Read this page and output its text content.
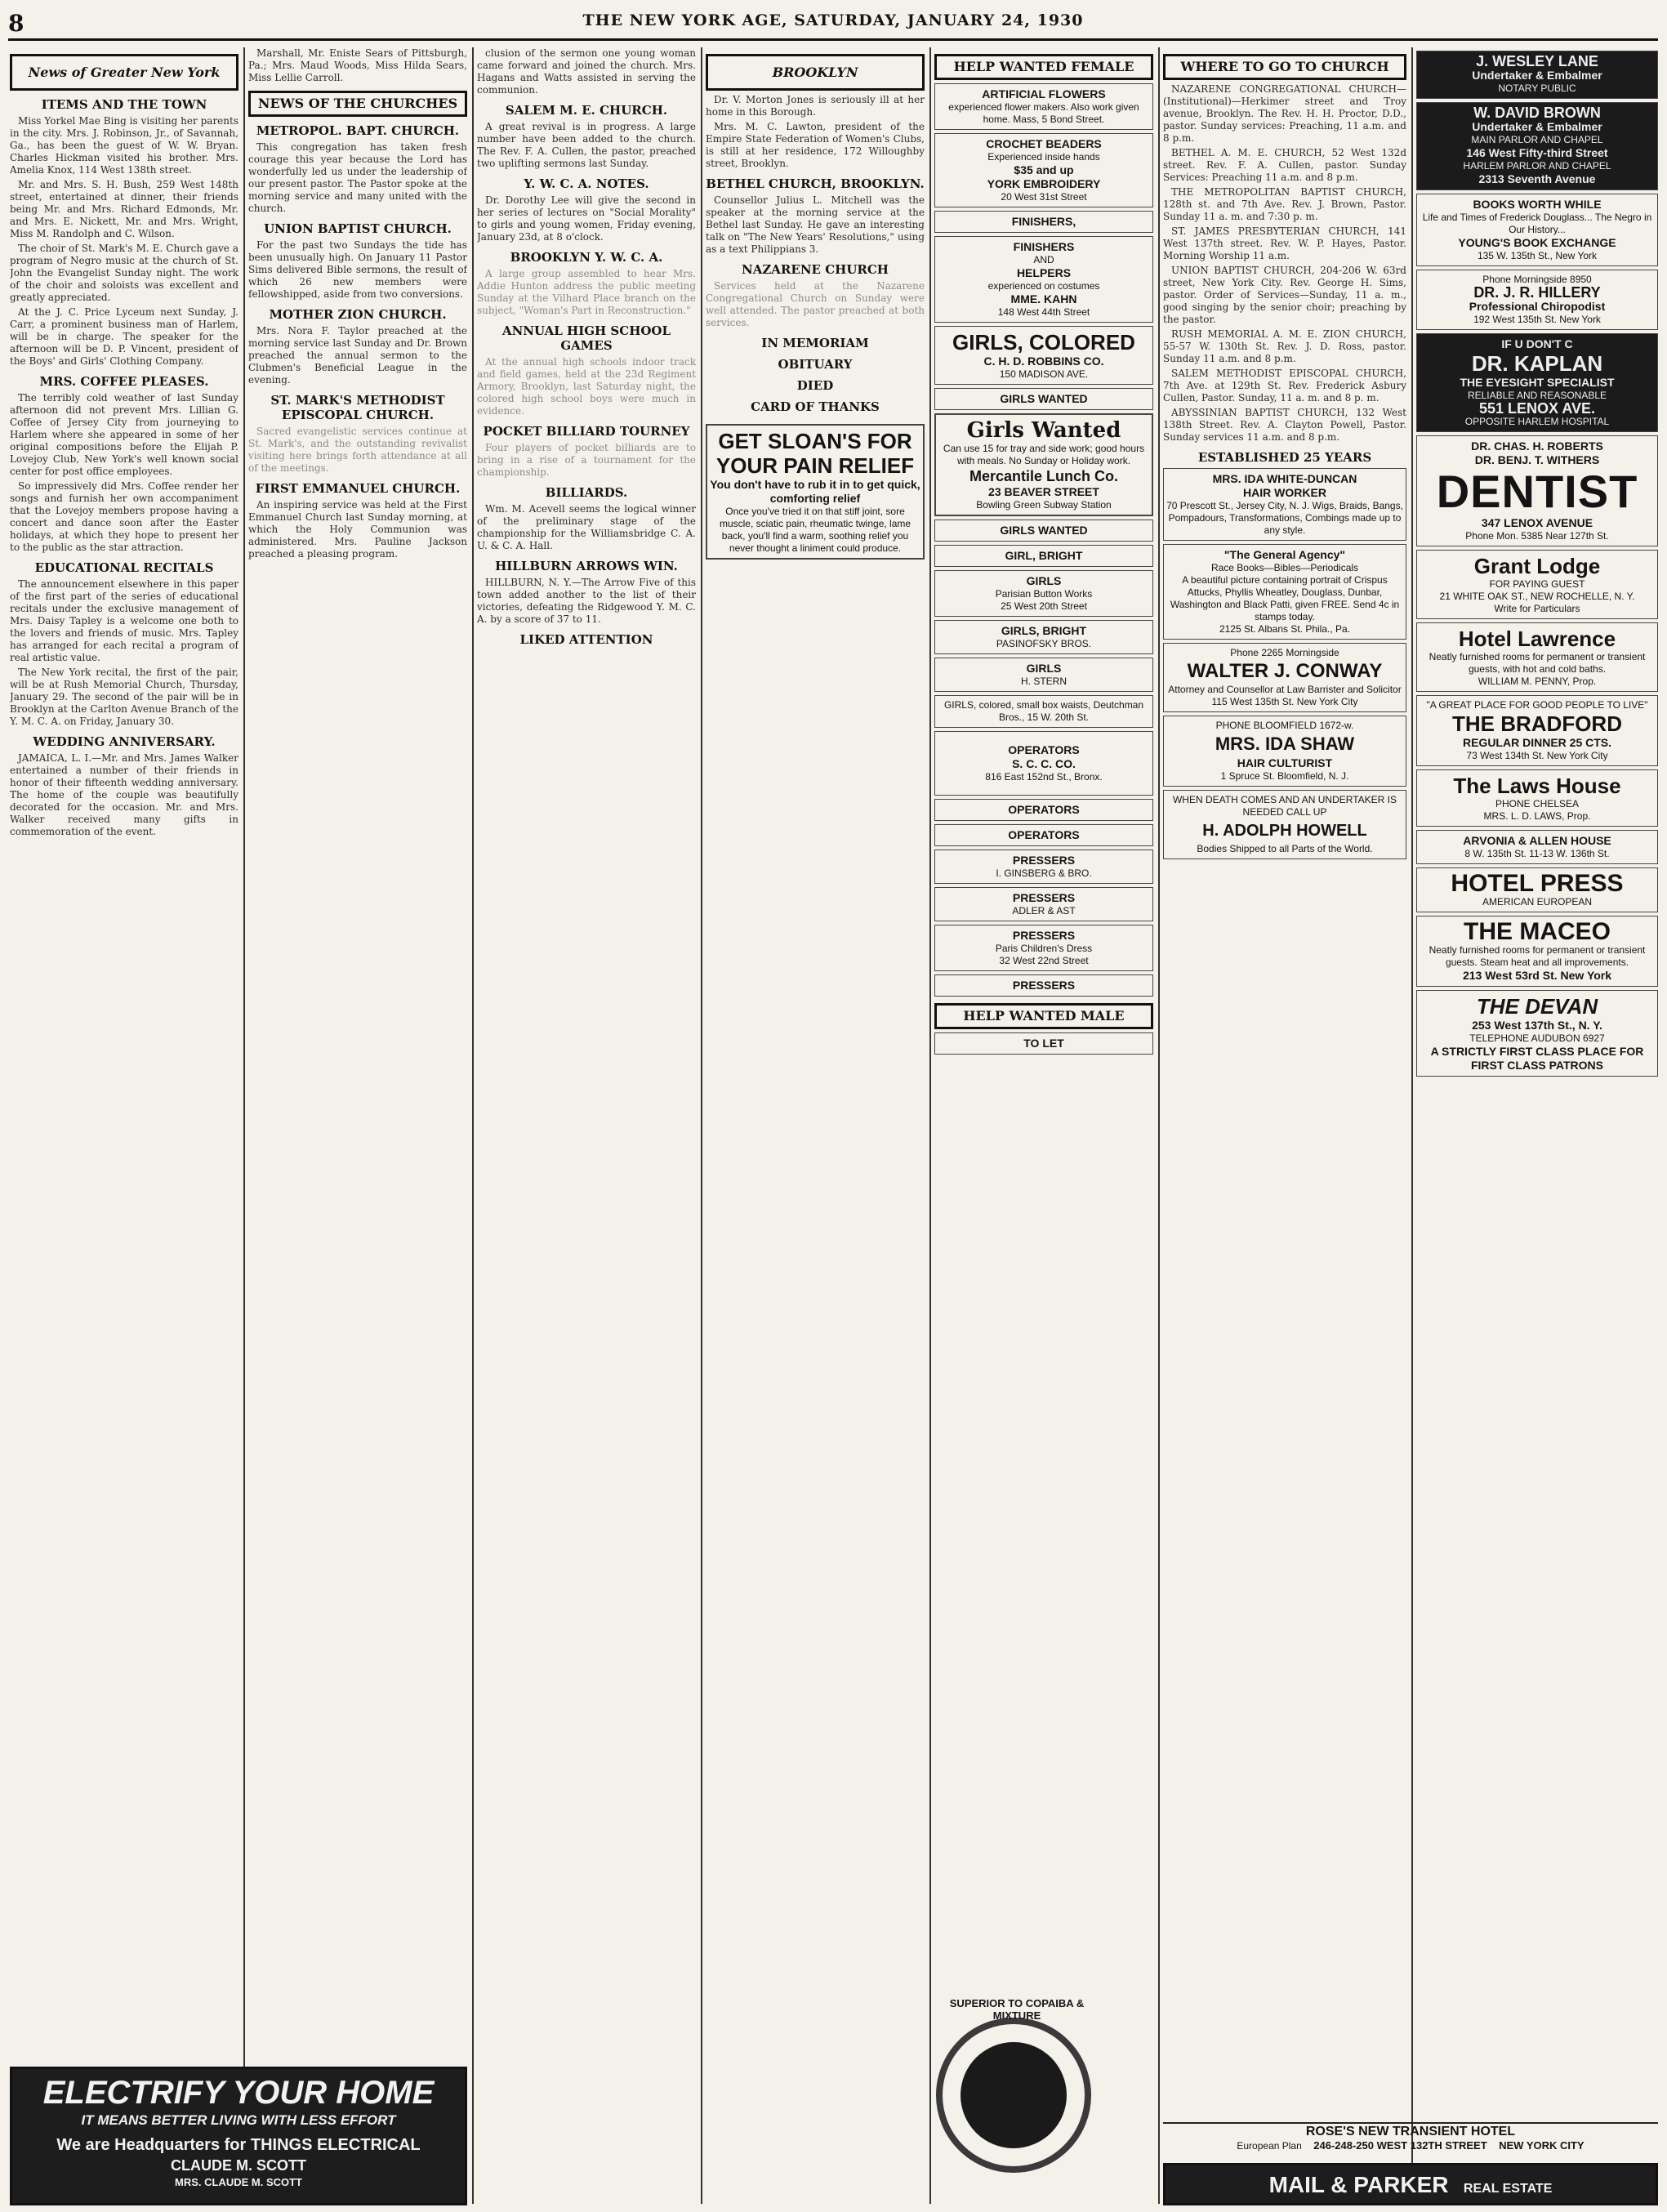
8	THE NEW YORK AGE, SATURDAY, JANUARY 24, 1930
News of Greater New York
ITEMS AND THE TOWN

Miss Yorkel Mae Bing is visiting her parents in the city. Mrs. J. Robinson, Jr., of Savannah, Ga., has been the guest of W. W. Bryan. Charles Hickman visited his brother. Mrs. Amelia Knox, 114 West 138th street.

Mr. and Mrs. S. H. Bush, 259 West 148th street, entertained at dinner, their friends being Mr. and Mrs. Richard Edmonds, Mr. and Mrs. E. Nickett, Mr. and Mrs. Wright, Miss M. Randolph and C. Wilson.

The choir of St. Mark's M. E. Church gave a program of Negro music at the church of St. John the Evangelist Sunday night. The work of the choir and soloists was excellent and greatly appreciated.

At the J. C. Price Lyceum next Sunday, J. Carr, a prominent business man of Harlem, will be in charge. The speaker for the afternoon will be D. P. Vincent, president of the Boys' and Girls' Clothing Company.

MRS. COFFEE PLEASES.

The terribly cold weather of last Sunday afternoon did not prevent Mrs. Lillian G. Coffee of Jersey City from journeying to Harlem where she appeared in some of her original compositions before the Elijah P. Lovejoy Club, New York's well known social center for post office employees.

So impressively did Mrs. Coffee render her songs and furnish her own accompaniment that the Lovejoy members propose having a concert and dance soon after the Easter holidays, at which they hope to present her to the public as the star attraction.

EDUCATIONAL RECITALS

The announcement elsewhere in this paper of the first part of the series of educational recitals under the exclusive management of Mrs. Daisy Tapley is a welcome one both to the lovers and friends of music. Mrs. Tapley has arranged for each recital a program of real artistic value.

The New York recital, the first of the pair, will be at Rush Memorial Church, Thursday, January 29. The second of the pair will be in Brooklyn at the Carlton Avenue Branch of the Y. M. C. A. on Friday, January 30.

WEDDING ANNIVERSARY.

JAMAICA, L. I.—Mr. and Mrs. James Walker entertained a number of their friends in honor of their fifteenth wedding anniversary. The home of the couple was beautifully decorated for the occasion. Mr. and Mrs. Walker received many gifts in commemoration of the event.

Marshall, Mr. Eniste Sears of Pittsburgh, Pa.; Mrs. Maud Woods, Miss Hilda Sears, Miss Lellie Carroll.

NEWS OF THE CHURCHES
METROPOL. BAPT. CHURCH.

This congregation has taken fresh courage this year because the Lord has wonderfully led us under the leadership of our present pastor. The Pastor spoke at the morning service and many united with the church.

UNION BAPTIST CHURCH.

For the past two Sundays the tide has been unusually high. On January 11 Pastor Sims delivered Bible sermons, the result of which 26 new members were fellowshipped, aside from two conversions.

MOTHER ZION CHURCH.

Mrs. Nora F. Taylor preached at the morning service last Sunday and Dr. Brown preached the annual sermon to the Clubmen's Beneficial League in the evening.

ST. MARK'S METHODIST EPISCOPAL CHURCH.

Sacred evangelistic services continue at St. Mark's, and the outstanding revivalist visiting here brings forth attendance at all of the meetings.

FIRST EMMANUEL CHURCH.

An inspiring service was held at the First Emmanuel Church last Sunday morning, at which the Holy Communion was administered. Mrs. Pauline Jackson preached a pleasing program.

clusion of the sermon one young woman came forward and joined the church. Mrs. Hagans and Watts assisted in serving the communion.

SALEM M. E. CHURCH.

A great revival is in progress. A large number have been added to the church. The Rev. F. A. Cullen, the pastor, preached two uplifting sermons last Sunday.

Y. W. C. A. NOTES.

Dr. Dorothy Lee will give the second in her series of lectures on "Social Morality" to girls and young women, Friday evening, January 23d, at 8 o'clock.

BROOKLYN Y. W. C. A.

A large group assembled to hear Mrs. Addie Hunton address the public meeting Sunday at the Vilhard Place branch on the subject, "Woman's Part in Reconstruction."

ANNUAL HIGH SCHOOL GAMES

At the annual high schools indoor track and field games, held at the 23d Regiment Armory, Brooklyn, last Saturday night, the colored high school boys were much in evidence.

POCKET BILLIARD TOURNEY

Four players of pocket billiards are to bring in a rise of a tournament for the championship.

BILLIARDS.

Wm. M. Acevell seems the logical winner of the preliminary stage of the championship for the Williamsbridge C. A. U. & C. A. Hall.

HILLBURN ARROWS WIN.

HILLBURN, N. Y.—The Arrow Five of this town added another to the list of their victories, defeating the Ridgewood Y. M. C. A. by a score of 37 to 11.

LIKED ATTENTION
BROOKLYN

Dr. V. Morton Jones is seriously ill at her home in this Borough.

Mrs. M. C. Lawton, president of the Empire State Federation of Women's Clubs, is still at her residence, 172 Willoughby street, Brooklyn.

BETHEL CHURCH, BROOKLYN.

Counsellor Julius L. Mitchell was the speaker at the morning service at the Bethel last Sunday. He gave an interesting talk on "The New Years' Resolutions," using as a text Philippians 3.

NAZARENE CHURCH

Services held at the Nazarene Congregational Church on Sunday were well attended. The pastor preached at both services.

IN MEMORIAM
OBITUARY
DIED
CARD OF THANKS
GET SLOAN'S FOR YOUR PAIN RELIEF
You don't have to rub it in to get quick, comforting relief
Once you've tried it on that stiff joint, sore muscle, sciatic pain, rheumatic twinge, lame back, you'll find a warm, soothing relief you never thought a liniment could produce.
HELP WANTED FEMALE
ARTIFICIAL FLOWERS
experienced flower makers. Also work given home. Mass, 5 Bond Street.
CROCHET BEADERS
Experienced inside hands
$35 and up
YORK EMBROIDERY
20 West 31st Street
FINISHERS,
FINISHERS
AND
HELPERS
experienced on costumes
MME. KAHN
148 West 44th Street
GIRLS, COLORED
C. H. D. ROBBINS CO.
150 MADISON AVE.
GIRLS WANTED
Girls Wanted
Can use 15 for tray and side work; good hours with meals. No Sunday or Holiday work.
Mercantile Lunch Co.
23 BEAVER STREET
Bowling Green Subway Station
GIRLS WANTED
GIRL, BRIGHT
GIRLS
Parisian Button Works
25 West 20th Street
GIRLS, BRIGHT
PASINOFSKY BROS.
GIRLS
H. STERN
GIRLS, colored, small box waists, Deutchman Bros., 15 W. 20th St.
OPERATORS
S. C. C. CO.
816 East 152nd St., Bronx.
OPERATORS
OPERATORS
PRESSERS
I. GINSBERG & BRO.
PRESSERS
ADLER & AST
PRESSERS
Paris Children's Dress
32 West 22nd Street
PRESSERS
HELP WANTED MALE
TO LET
WHERE TO GO TO CHURCH

NAZARENE CONGREGATIONAL CHURCH—(Institutional)—Herkimer street and Troy avenue, Brooklyn. The Rev. H. H. Proctor, D.D., pastor. Sunday services: Preaching, 11 a.m. and 8 p.m.

BETHEL A. M. E. CHURCH, 52 West 132d street. Rev. F. A. Cullen, pastor. Sunday Services: Preaching 11 a.m. and 8 p.m.

THE METROPOLITAN BAPTIST CHURCH, 128th st. and 7th Ave. Rev. J. Brown, Pastor. Sunday 11 a. m. and 7:30 p. m.

ST. JAMES PRESBYTERIAN CHURCH, 141 West 137th street. Rev. W. P. Hayes, Pastor. Morning Worship 11 a.m.

UNION BAPTIST CHURCH, 204-206 W. 63rd street, New York City. Rev. George H. Sims, pastor. Order of Services—Sunday, 11 a. m., good singing by the senior choir; preaching by the pastor.

RUSH MEMORIAL A. M. E. ZION CHURCH, 55-57 W. 130th St. Rev. J. D. Ross, pastor. Sunday 11 a.m. and 8 p.m.

SALEM METHODIST EPISCOPAL CHURCH, 7th Ave. at 129th St. Rev. Frederick Asbury Cullen, Pastor. Sunday, 11 a. m. and 8 p. m.

ABYSSINIAN BAPTIST CHURCH, 132 West 138th Street. Rev. A. Clayton Powell, Pastor. Sunday services 11 a.m. and 8 p.m.

ESTABLISHED 25 YEARS
MRS. IDA WHITE-DUNCAN
HAIR WORKER
70 Prescott St., Jersey City, N. J. Wigs, Braids, Bangs, Pompadours, Transformations, Combings made up to any style.
"The General Agency"
Race Books—Bibles—Periodicals
A beautiful picture containing portrait of Crispus Attucks, Phyllis Wheatley, Douglass, Dunbar, Washington and Black Patti, given FREE. Send 4c in stamps today.
2125 St. Albans St. Phila., Pa.
Phone 2265 Morningside
WALTER J. CONWAY
Attorney and Counsellor at Law Barrister and Solicitor
115 West 135th St. New York City
PHONE BLOOMFIELD 1672-w.
MRS. IDA SHAW
HAIR CULTURIST
1 Spruce St. Bloomfield, N. J.
WHEN DEATH COMES AND AN UNDERTAKER IS NEEDED CALL UP
H. ADOLPH HOWELL
Bodies Shipped to all Parts of the World.
J. WESLEY LANE
Undertaker & Embalmer
NOTARY PUBLIC
W. DAVID BROWN
Undertaker & Embalmer
MAIN PARLOR AND CHAPEL
146 West Fifty-third Street
HARLEM PARLOR AND CHAPEL
2313 Seventh Avenue
BOOKS WORTH WHILE
Life and Times of Frederick Douglass... The Negro in Our History...
YOUNG'S BOOK EXCHANGE
135 W. 135th St., New York
Phone Morningside 8950
DR. J. R. HILLERY
Professional Chiropodist
192 West 135th St. New York
IF U DON'T C
DR. KAPLAN
THE EYESIGHT SPECIALIST
RELIABLE AND REASONABLE
551 LENOX AVE.
OPPOSITE HARLEM HOSPITAL
DR. CHAS. H. ROBERTS
DR. BENJ. T. WITHERS
DENTIST
347 LENOX AVENUE
Phone Mon. 5385 Near 127th St.
Grant Lodge
FOR PAYING GUEST
21 WHITE OAK ST., NEW ROCHELLE, N. Y.
Write for Particulars
Hotel Lawrence
Neatly furnished rooms for permanent or transient guests, with hot and cold baths.
WILLIAM M. PENNY, Prop.
"A GREAT PLACE FOR GOOD PEOPLE TO LIVE"
THE BRADFORD
REGULAR DINNER 25 CTS.
73 West 134th St. New York City
The Laws House
PHONE CHELSEA
MRS. L. D. LAWS, Prop.
ARVONIA & ALLEN HOUSE
8 W. 135th St. 11-13 W. 136th St.
HOTEL PRESS
AMERICAN EUROPEAN
THE MACEO
Neatly furnished rooms for permanent or transient guests. Steam heat and all improvements.
213 West 53rd St. New York
THE DEVAN
253 West 137th St., N. Y.
TELEPHONE AUDUBON 6927
A STRICTLY FIRST CLASS PLACE FOR FIRST CLASS PATRONS
ELECTRIFY YOUR HOME
IT MEANS BETTER LIVING WITH LESS EFFORT
We are Headquarters for THINGS ELECTRICAL
CLAUDE M. SCOTT
MRS. CLAUDE M. SCOTT
SUPERIOR TO COPAIBA & MIXTURE
ROSE'S NEW TRANSIENT HOTEL
European Plan 246-248-250 WEST 132TH STREET NEW YORK CITY
MAIL & PARKER REAL ESTATE
